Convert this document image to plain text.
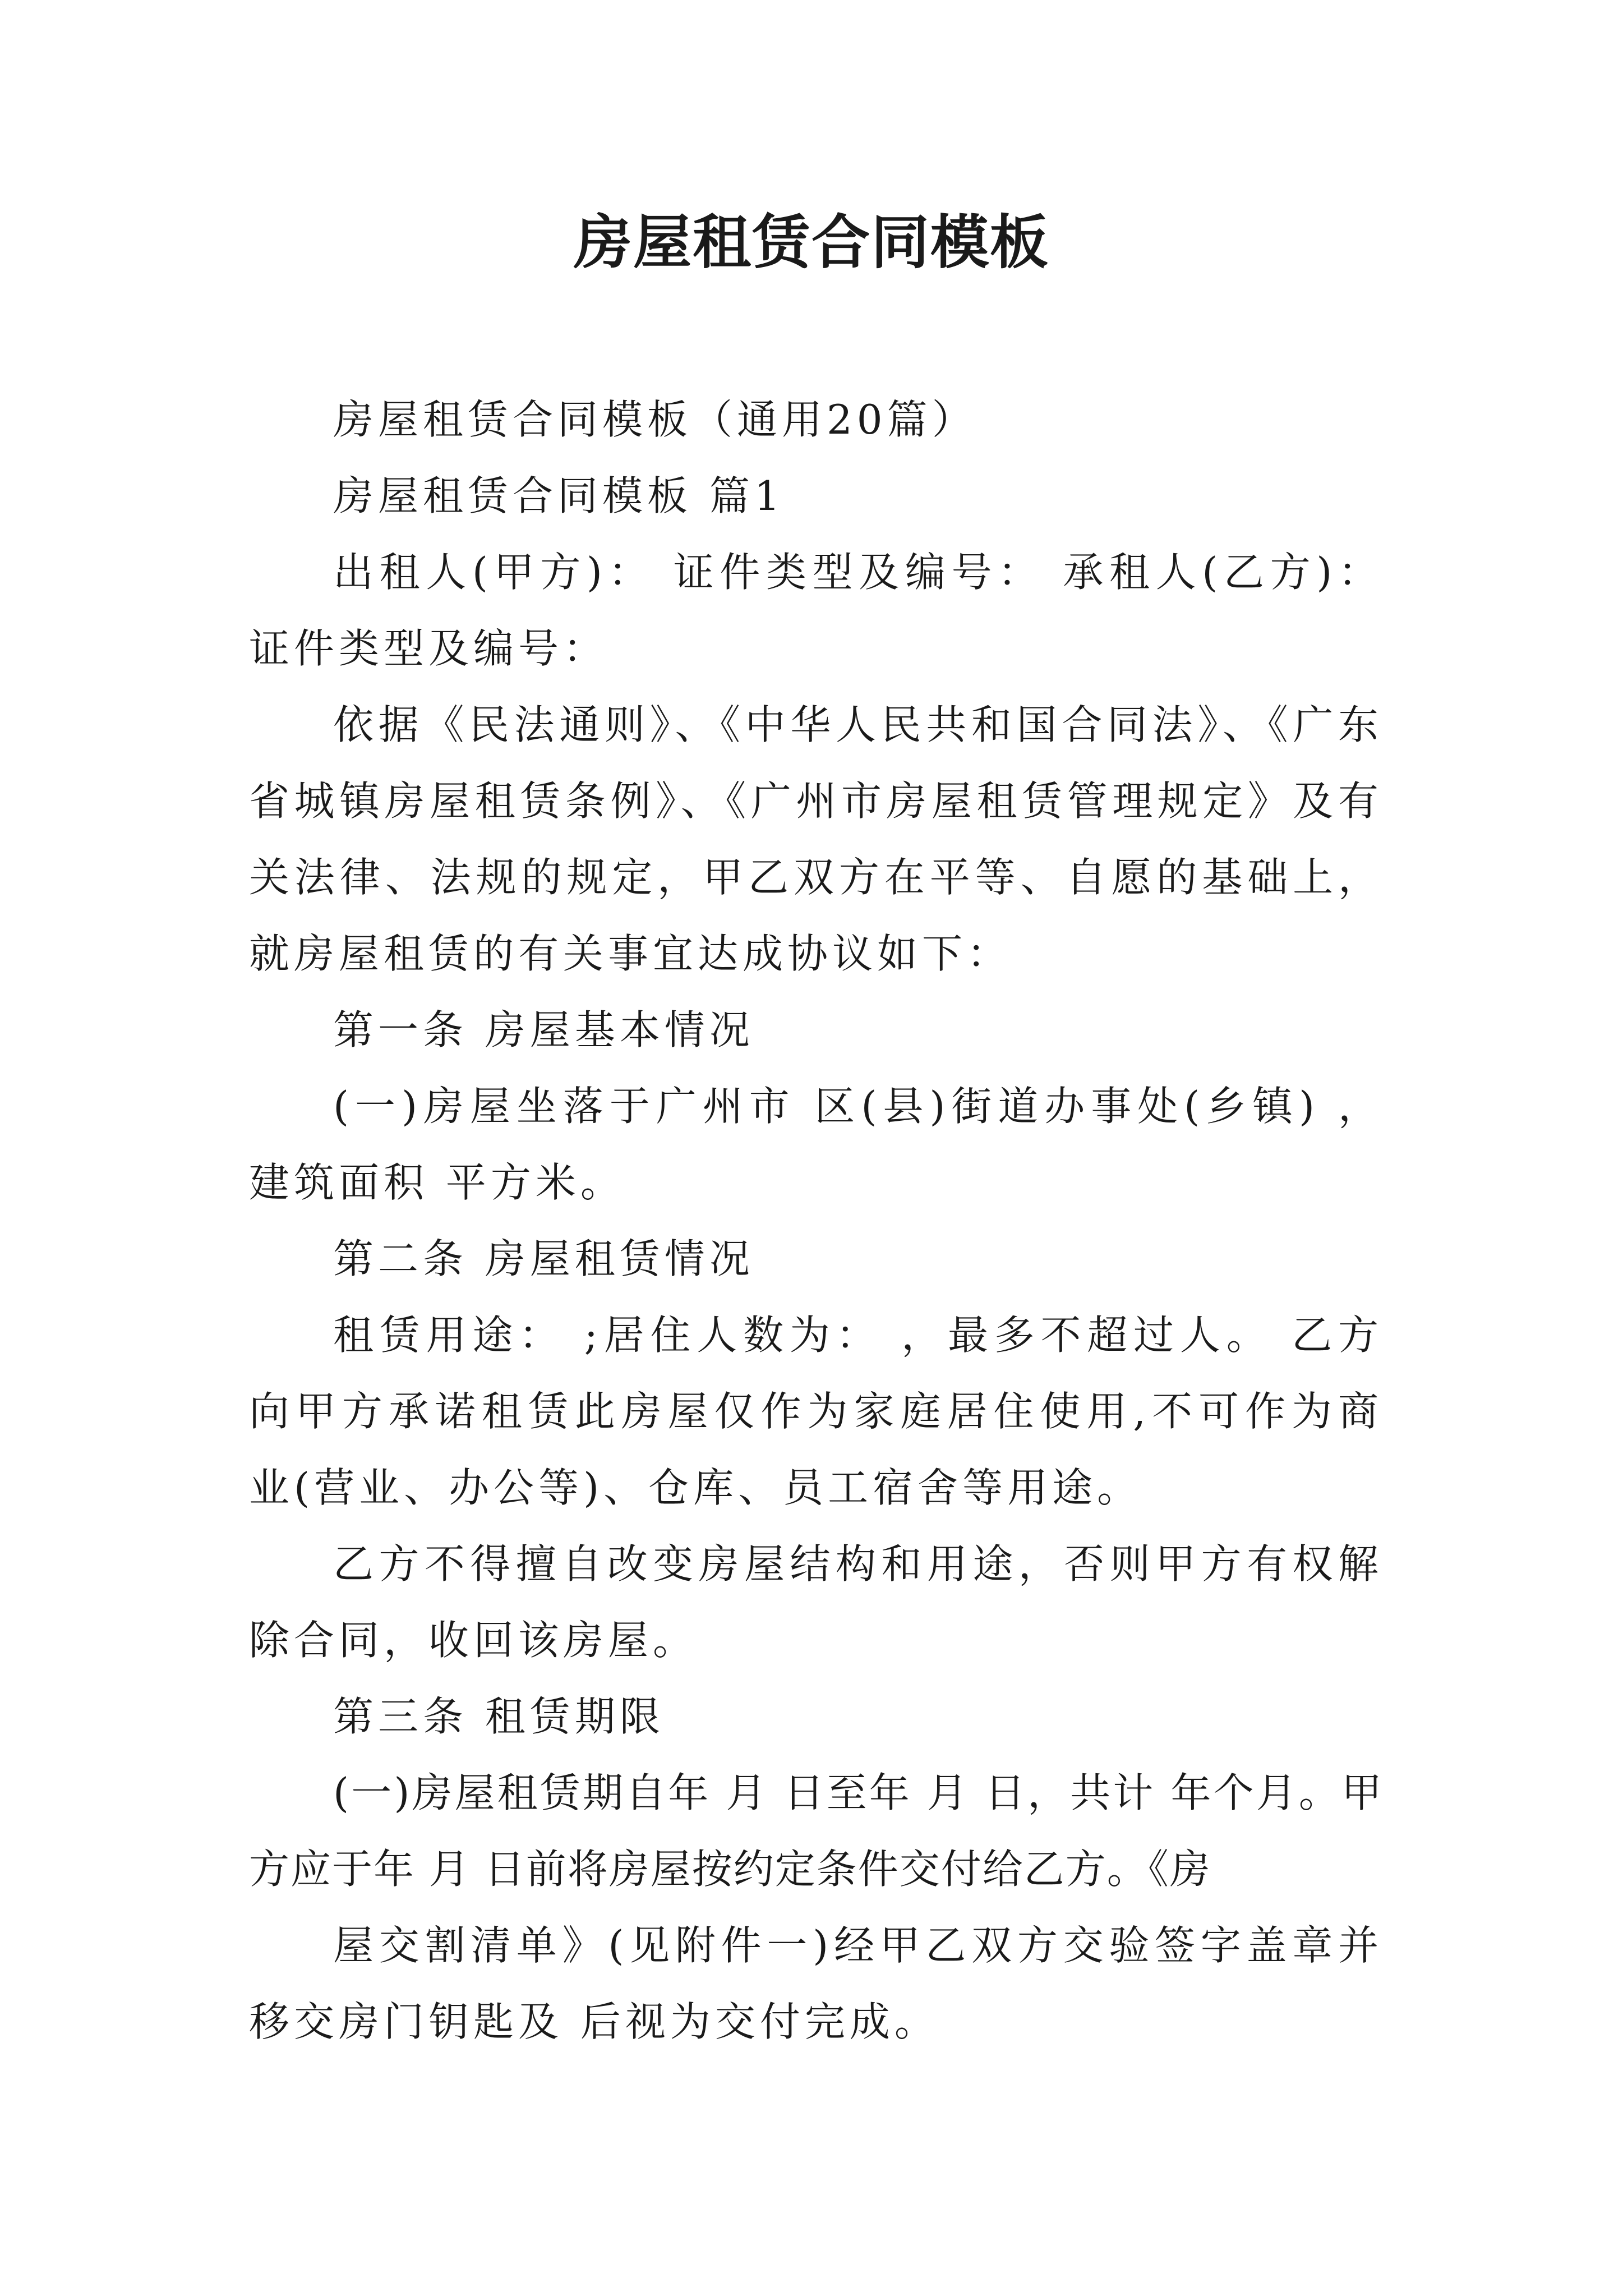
房屋租赁合同模板

房屋租赁合同模板（通用20篇）

房屋租赁合同模板 篇1

出租人(甲方)： 证件类型及编号： 承租人(乙方)： 证件类型及编号：

依据《民法通则》、《中华人民共和国合同法》、《广东省城镇房屋租赁条例》、《广州市房屋租赁管理规定》及有关法律、法规的规定，甲乙双方在平等、自愿的基础上，就房屋租赁的有关事宜达成协议如下：

第一条 房屋基本情况

(一)房屋坐落于广州市 区(县)街道办事处(乡镇) ，建筑面积 平方米。

第二条 房屋租赁情况

租赁用途： ;居住人数为： ，最多不超过人。 乙方向甲方承诺租赁此房屋仅作为家庭居住使用,不可作为商业(营业、办公等)、仓库、员工宿舍等用途。

乙方不得擅自改变房屋结构和用途，否则甲方有权解除合同，收回该房屋。

第三条 租赁期限

(一)房屋租赁期自年 月 日至年 月 日，共计 年个月。甲方应于年 月 日前将房屋按约定条件交付给乙方。《房

屋交割清单》(见附件一)经甲乙双方交验签字盖章并移交房门钥匙及 后视为交付完成。
